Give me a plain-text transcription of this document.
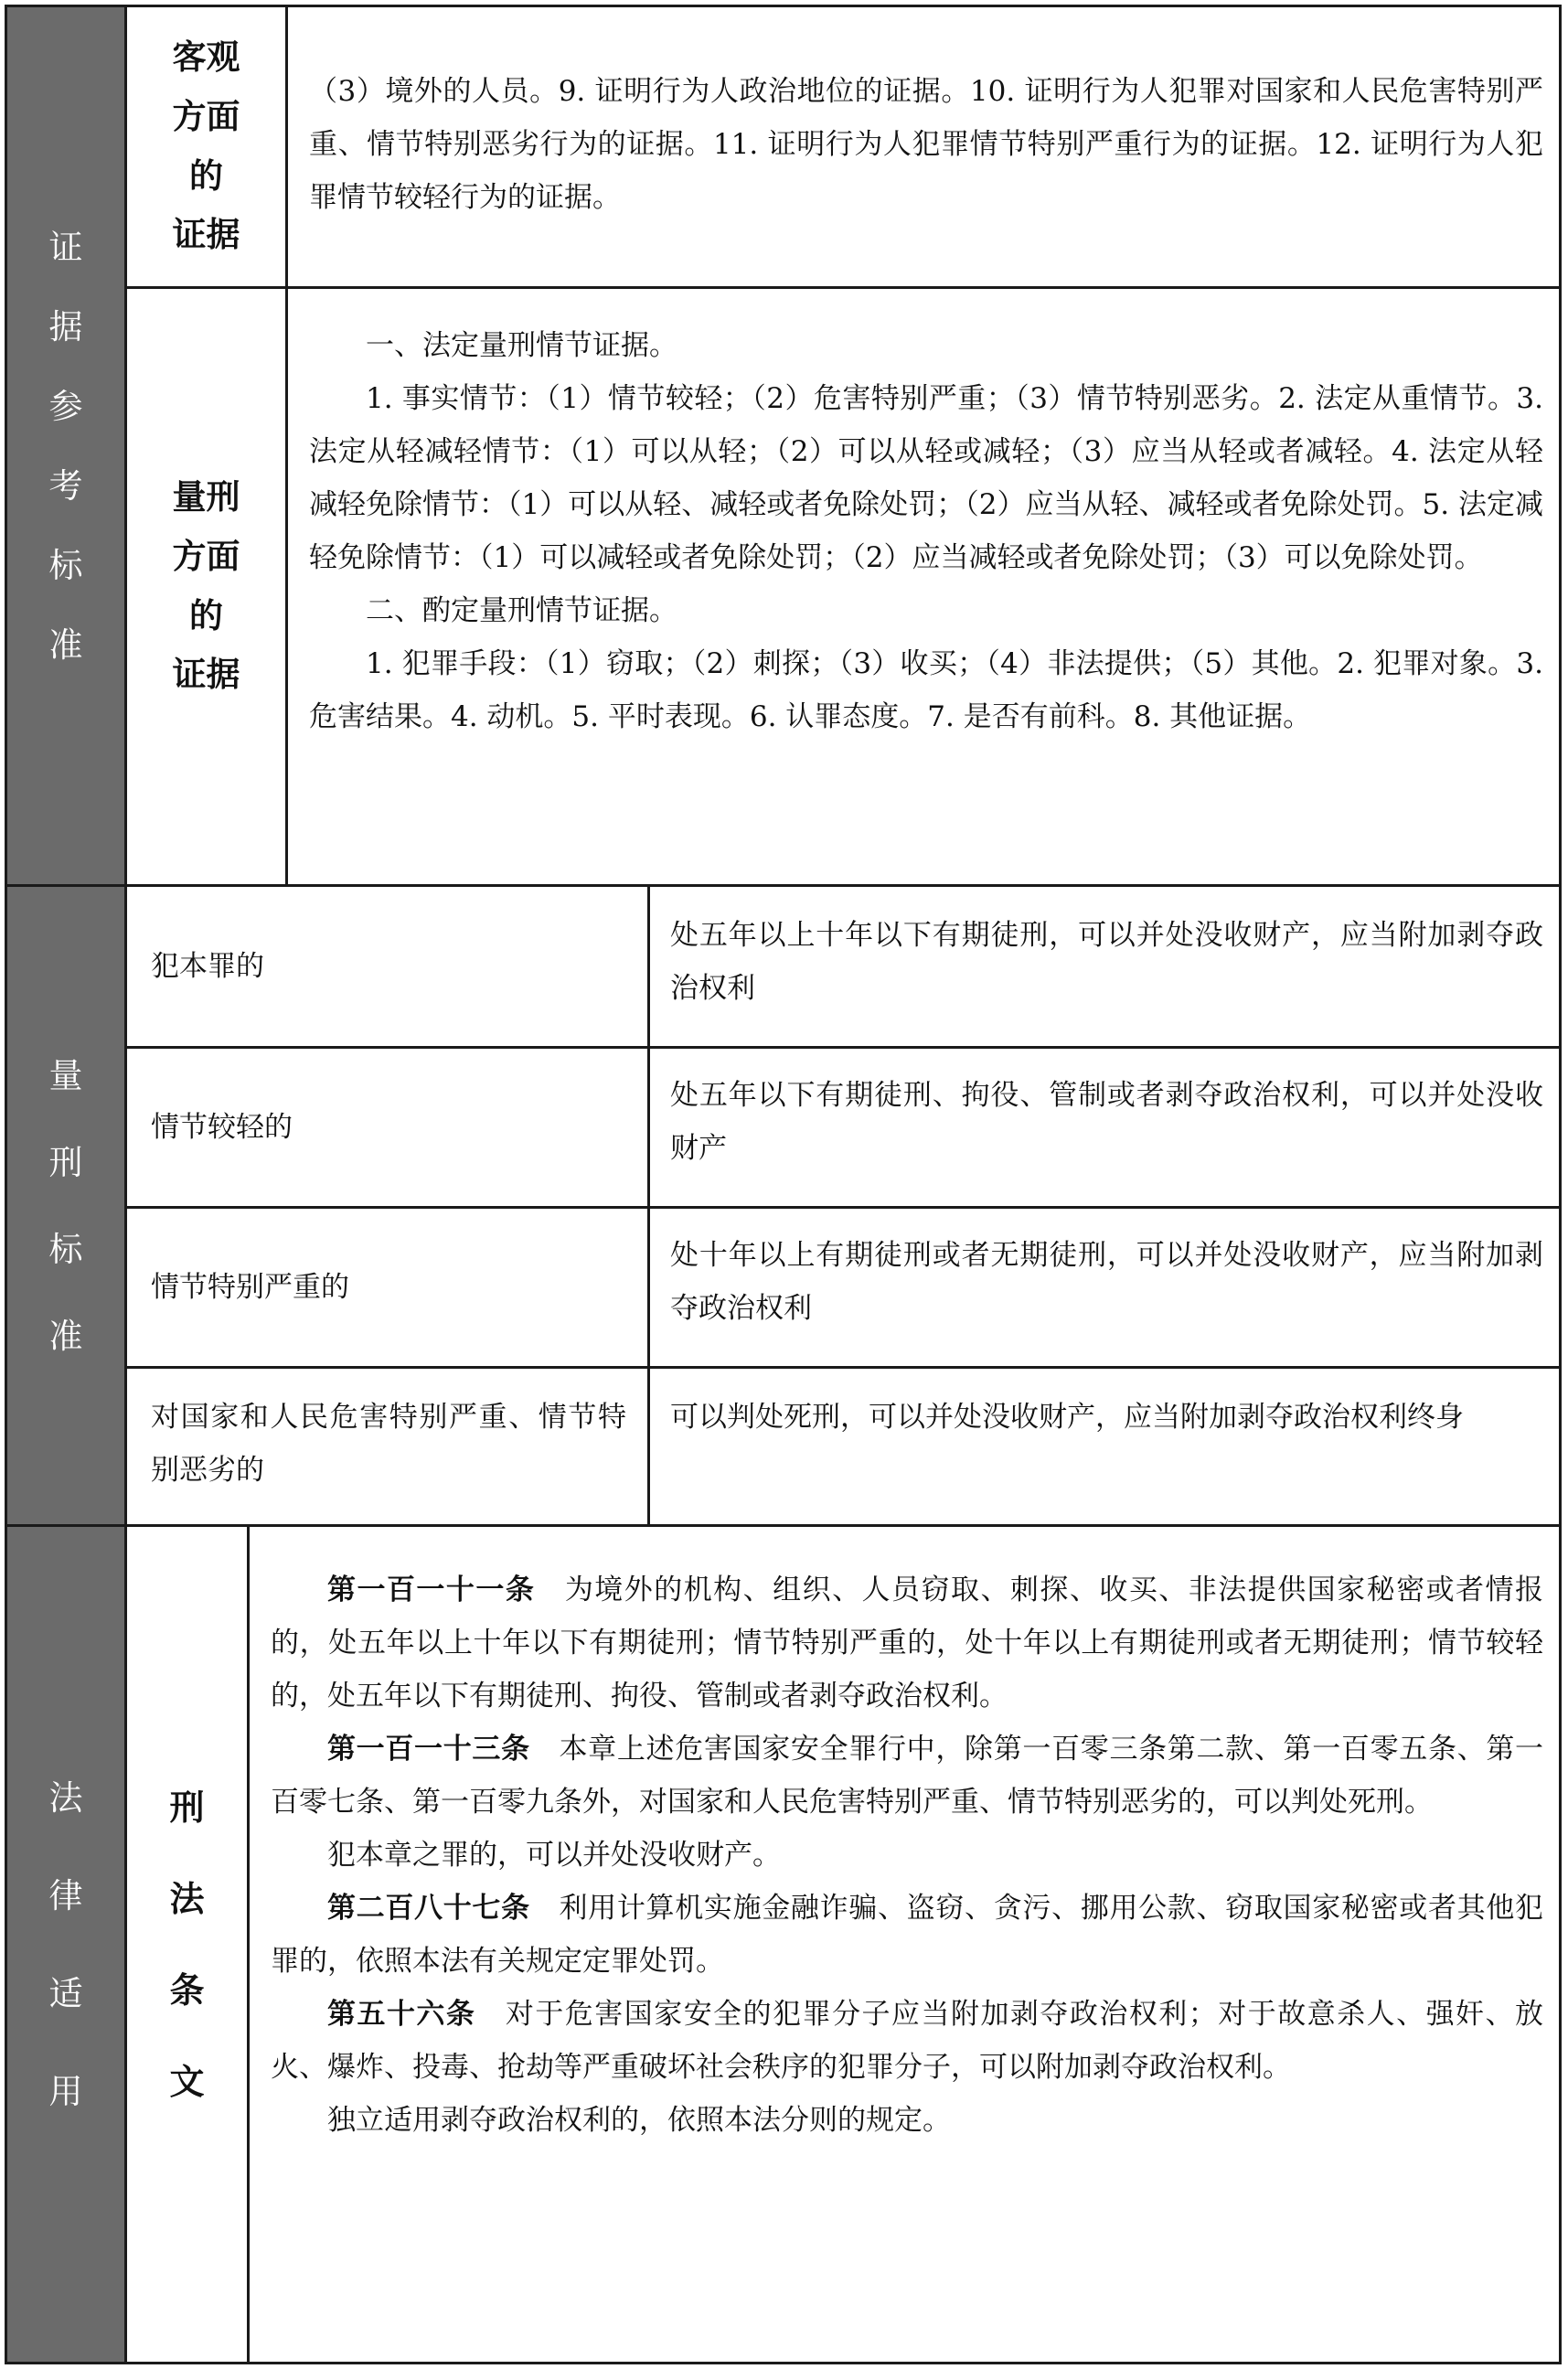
证
据
参
考
标
准
客观
方面
的
证据

（3）境外的人员。9. 证明行为人政治地位的证据。10. 证明行为人犯罪对国家和人民危害特别严重、情节特别恶劣行为的证据。11. 证明行为人犯罪情节特别严重行为的证据。12. 证明行为人犯罪情节较轻行为的证据。

量刑
方面
的
证据

一、法定量刑情节证据。

1. 事实情节：（1）情节较轻；（2）危害特别严重；（3）情节特别恶劣。2. 法定从重情节。3. 法定从轻减轻情节：（1）可以从轻；（2）可以从轻或减轻；（3）应当从轻或者减轻。4. 法定从轻减轻免除情节：（1）可以从轻、减轻或者免除处罚；（2）应当从轻、减轻或者免除处罚。5. 法定减轻免除情节：（1）可以减轻或者免除处罚；（2）应当减轻或者免除处罚；（3）可以免除处罚。

二、酌定量刑情节证据。

1. 犯罪手段：（1）窃取；（2）刺探；（3）收买；（4）非法提供；（5）其他。2. 犯罪对象。3. 危害结果。4. 动机。5. 平时表现。6. 认罪态度。7. 是否有前科。8. 其他证据。

量
刑
标
准
犯本罪的
处五年以上十年以下有期徒刑，可以并处没收财产，应当附加剥夺政治权利
情节较轻的
处五年以下有期徒刑、拘役、管制或者剥夺政治权利，可以并处没收财产
情节特别严重的
处十年以上有期徒刑或者无期徒刑，可以并处没收财产，应当附加剥夺政治权利
对国家和人民危害特别严重、情节特别恶劣的
可以判处死刑，可以并处没收财产，应当附加剥夺政治权利终身
法
律
适
用
刑
法
条
文

第一百一十一条　 为境外的机构、组织、人员窃取、刺探、收买、非法提供国家秘密或者情报的，处五年以上十年以下有期徒刑；情节特别严重的，处十年以上有期徒刑或者无期徒刑；情节较轻的，处五年以下有期徒刑、拘役、管制或者剥夺政治权利。

第一百一十三条　 本章上述危害国家安全罪行中，除第一百零三条第二款、第一百零五条、第一百零七条、第一百零九条外，对国家和人民危害特别严重、情节特别恶劣的，可以判处死刑。

犯本章之罪的，可以并处没收财产。

第二百八十七条　 利用计算机实施金融诈骗、盗窃、贪污、挪用公款、窃取国家秘密或者其他犯罪的，依照本法有关规定定罪处罚。

第五十六条　 对于危害国家安全的犯罪分子应当附加剥夺政治权利；对于故意杀人、强奸、放火、爆炸、投毒、抢劫等严重破坏社会秩序的犯罪分子，可以附加剥夺政治权利。

独立适用剥夺政治权利的，依照本法分则的规定。
